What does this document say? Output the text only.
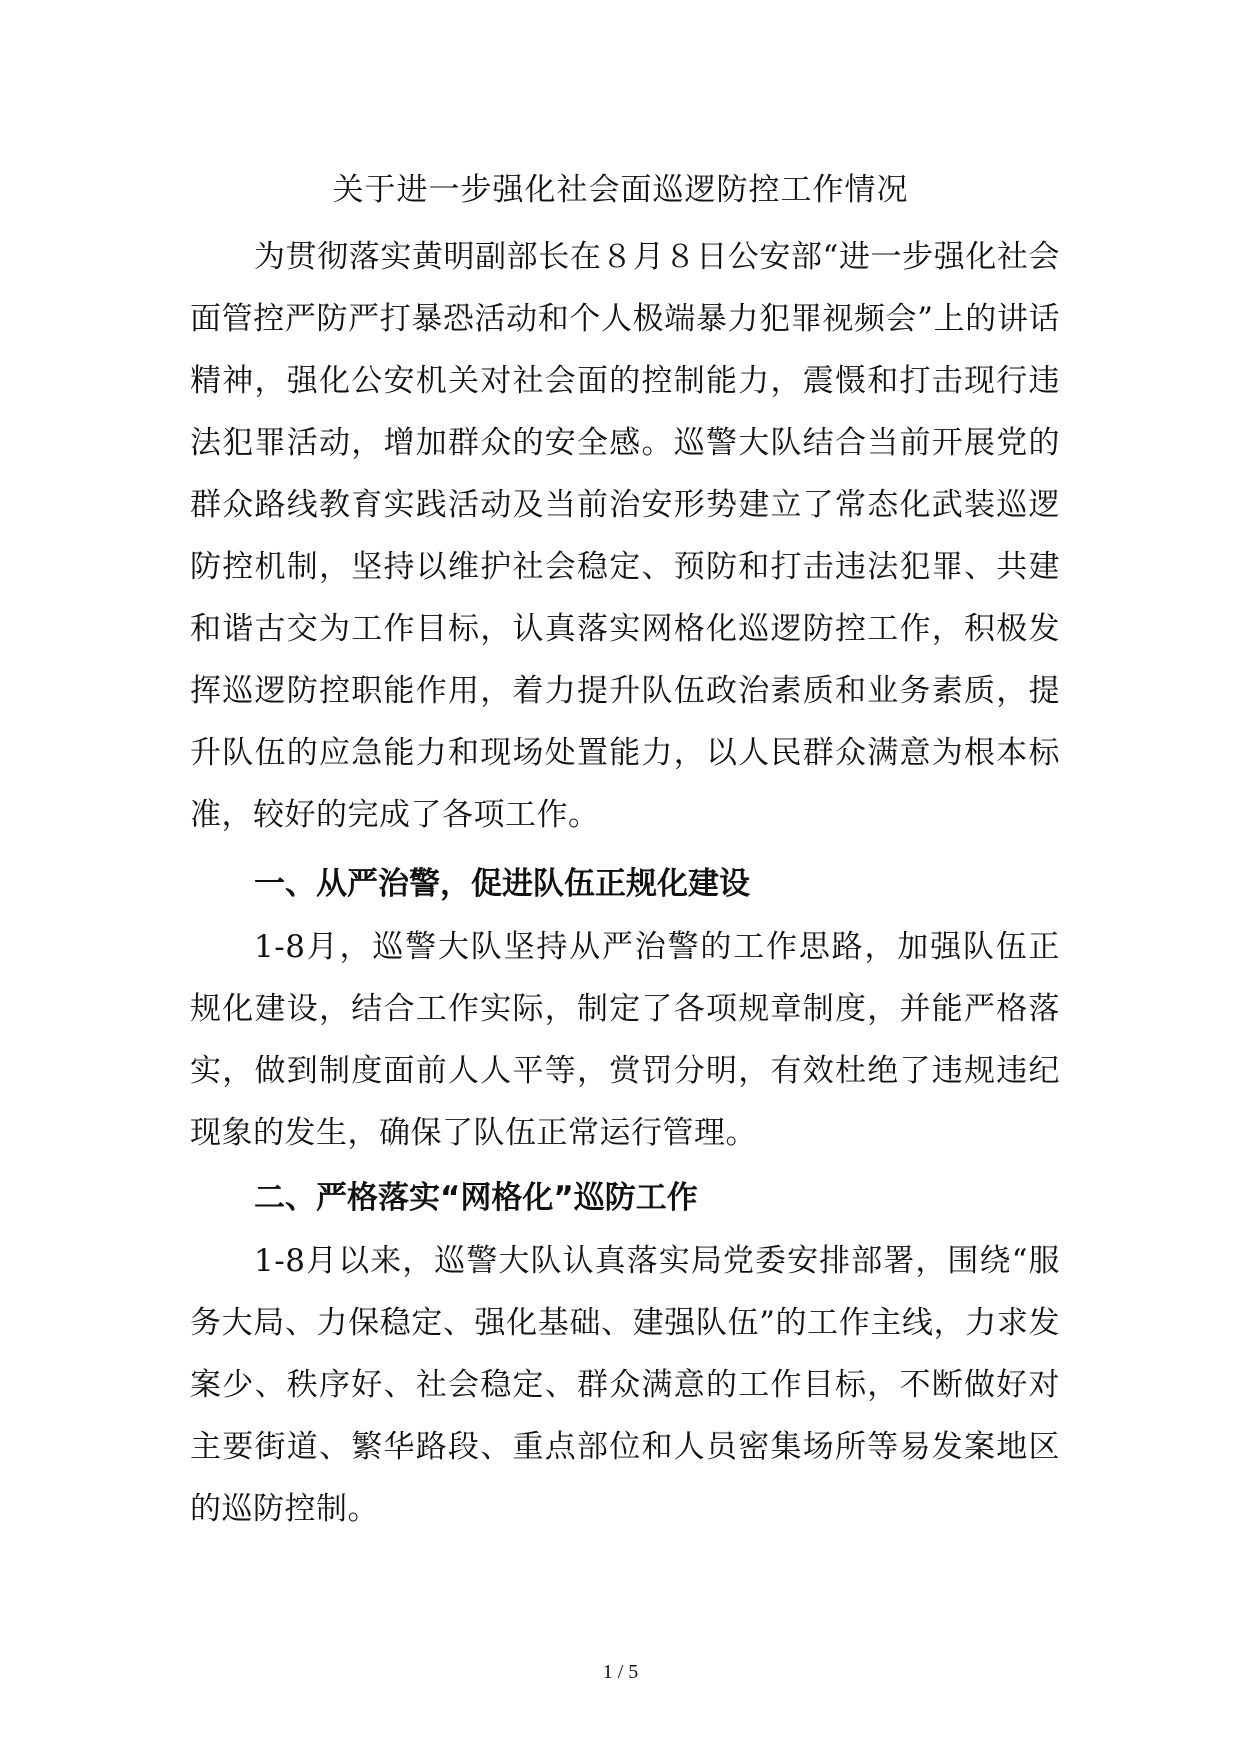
关于进一步强化社会面巡逻防控工作情况

为贯彻落实黄明副部长在８月８日公安部“进一步强化社会面管控严防严打暴恐活动和个人极端暴力犯罪视频会”上的讲话精神，强化公安机关对社会面的控制能力，震慑和打击现行违法犯罪活动，增加群众的安全感。巡警大队结合当前开展党的群众路线教育实践活动及当前治安形势建立了常态化武装巡逻防控机制，坚持以维护社会稳定、预防和打击违法犯罪、共建和谐古交为工作目标，认真落实网格化巡逻防控工作，积极发挥巡逻防控职能作用，着力提升队伍政治素质和业务素质，提升队伍的应急能力和现场处置能力，以人民群众满意为根本标准，较好的完成了各项工作。

一、从严治警，促进队伍正规化建设

1-8月，巡警大队坚持从严治警的工作思路，加强队伍正规化建设，结合工作实际，制定了各项规章制度，并能严格落实，做到制度面前人人平等，赏罚分明，有效杜绝了违规违纪现象的发生，确保了队伍正常运行管理。

二、严格落实“网格化”巡防工作

1-8月以来，巡警大队认真落实局党委安排部署，围绕“服务大局、力保稳定、强化基础、建强队伍”的工作主线，力求发案少、秩序好、社会稳定、群众满意的工作目标，不断做好对主要街道、繁华路段、重点部位和人员密集场所等易发案地区的巡防控制。

1 / 5
